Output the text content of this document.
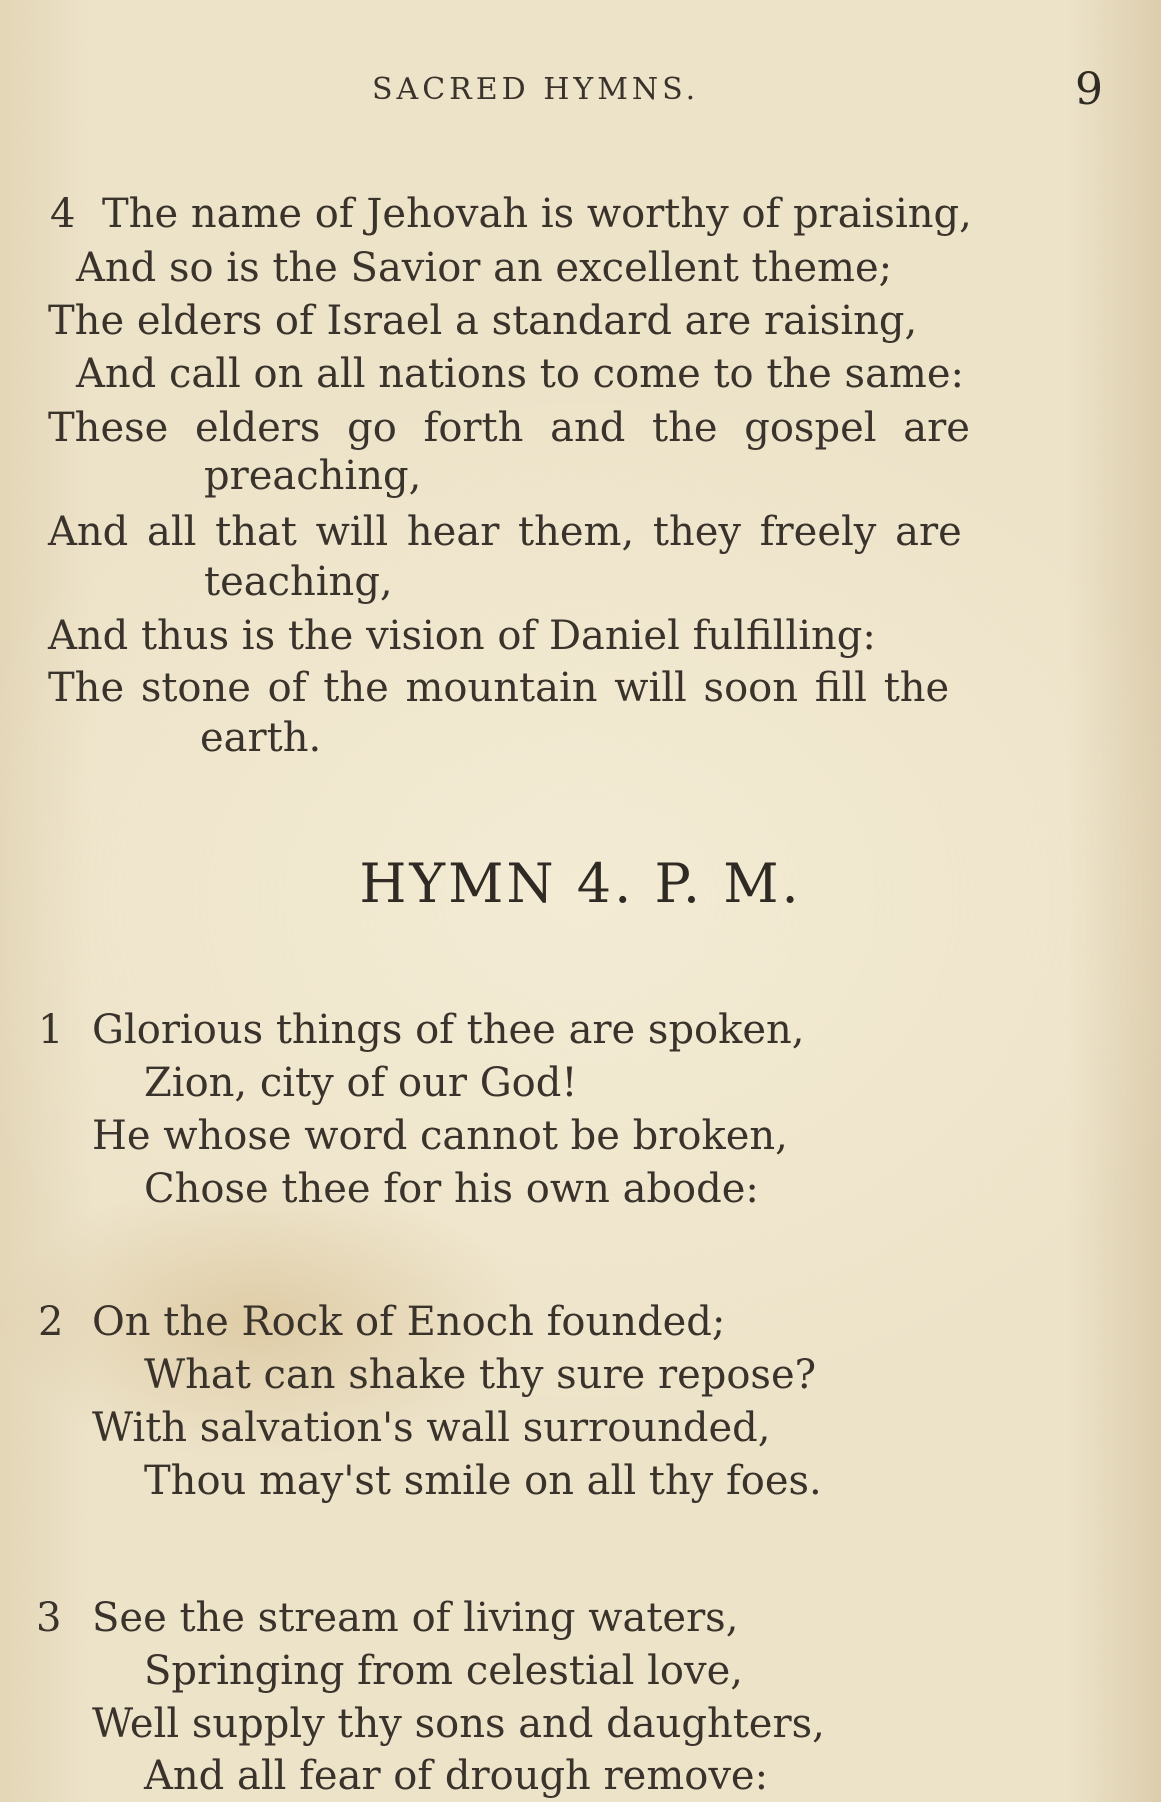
SACRED HYMNS.	9
4 The name of Jehovah is worthy of praising,
And so is the Savior an excellent theme;
The elders of Israel a standard are raising,
And call on all nations to come to the same:
These elders go forth and the gospel are
preaching,
And all that will hear them, they freely are
teaching,
And thus is the vision of Daniel fulfilling:
The stone of the mountain will soon fill the
earth.
HYMN 4. P. M.
1 Glorious things of thee are spoken,
Zion, city of our God!
He whose word cannot be broken,
Chose thee for his own abode:
2 On the Rock of Enoch founded;
What can shake thy sure repose?
With salvation's wall surrounded,
Thou may'st smile on all thy foes.
3 See the stream of living waters,
Springing from celestial love,
Well supply thy sons and daughters,
And all fear of drough remove:
